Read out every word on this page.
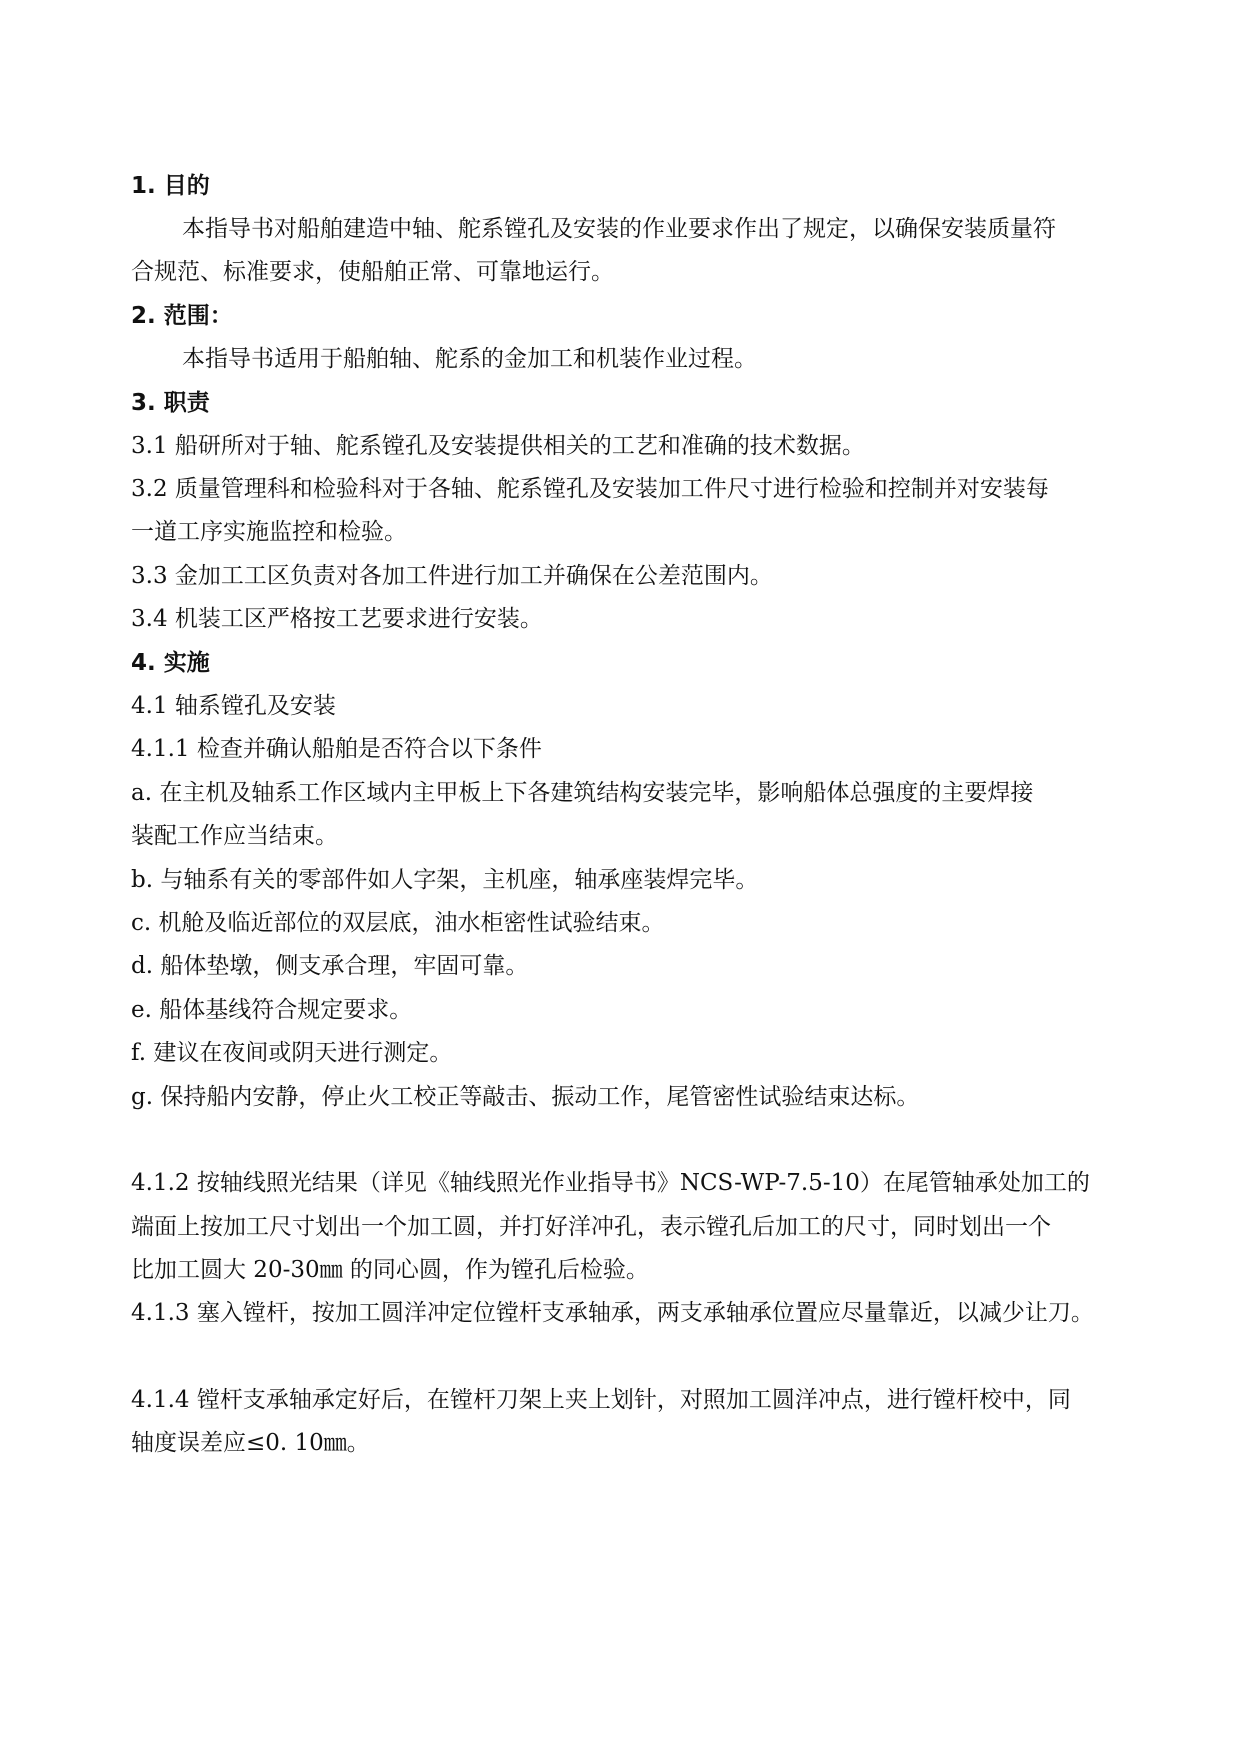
1. 目的
本指导书对船舶建造中轴、舵系镗孔及安装的作业要求作出了规定，以确保安装质量符
合规范、标准要求，使船舶正常、可靠地运行。
2. 范围：
本指导书适用于船舶轴、舵系的金加工和机装作业过程。
3. 职责
3.1 船研所对于轴、舵系镗孔及安装提供相关的工艺和准确的技术数据。
3.2 质量管理科和检验科对于各轴、舵系镗孔及安装加工件尺寸进行检验和控制并对安装每
一道工序实施监控和检验。
3.3 金加工工区负责对各加工件进行加工并确保在公差范围内。
3.4 机装工区严格按工艺要求进行安装。
4. 实施
4.1 轴系镗孔及安装
4.1.1 检查并确认船舶是否符合以下条件
a. 在主机及轴系工作区域内主甲板上下各建筑结构安装完毕，影响船体总强度的主要焊接
装配工作应当结束。
b. 与轴系有关的零部件如人字架，主机座，轴承座装焊完毕。
c. 机舱及临近部位的双层底，油水柜密性试验结束。
d. 船体垫墩，侧支承合理，牢固可靠。
e. 船体基线符合规定要求。
f. 建议在夜间或阴天进行测定。
g. 保持船内安静，停止火工校正等敲击、振动工作，尾管密性试验结束达标。
4.1.2 按轴线照光结果（详见《轴线照光作业指导书》NCS-WP-7.5-10）在尾管轴承处加工的
端面上按加工尺寸划出一个加工圆，并打好洋冲孔，表示镗孔后加工的尺寸，同时划出一个
比加工圆大 20-30㎜ 的同心圆，作为镗孔后检验。
4.1.3 塞入镗杆，按加工圆洋冲定位镗杆支承轴承，两支承轴承位置应尽量靠近，以减少让刀。
4.1.4 镗杆支承轴承定好后，在镗杆刀架上夹上划针，对照加工圆洋冲点，进行镗杆校中，同
轴度误差应≤0. 10㎜。
